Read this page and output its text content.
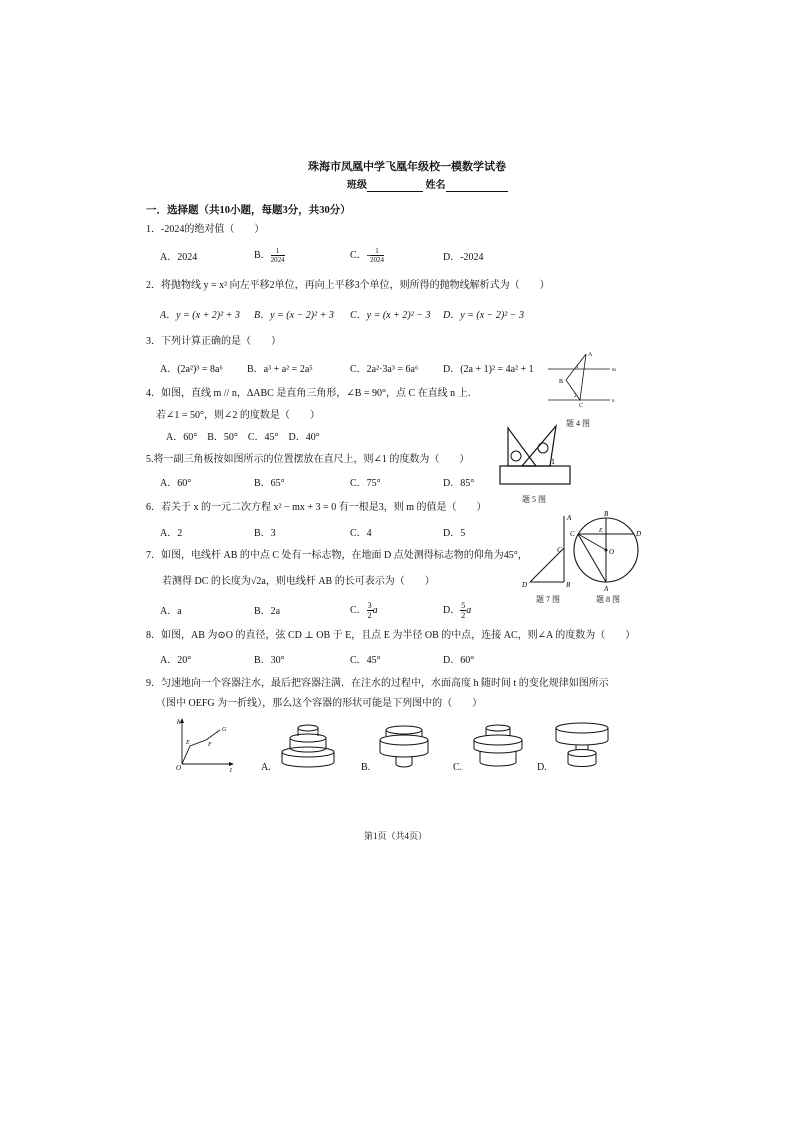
珠海市凤凰中学飞凰年级校一模数学试卷
班级	姓名
一．选择题（共10小题，每题3分，共30分）
1．-2024的绝对值（　　）
A．2024	B． $\frac{1}{2024}$	C．- $\frac{1}{2024}$	D．-2024
2．将抛物线 y = x² 向左平移2单位，再向上平移3个单位，则所得的抛物线解析式为（　　）
A．y = (x + 2)² + 3 B．y = (x − 2)² + 3 C．y = (x + 2)² − 3 D．y = (x − 2)² − 3
3．下列计算正确的是（　　）
A．(2a²)³ = 8a⁶ B．a³ + a² = 2a⁵	C．2a²·3a³ = 6a⁶ D．(2a + 1)² = 4a² + 1
A
B
C
m
n
1
2
题 4 图
4．如图，直线 m // n，ΔABC 是直角三角形，∠B = 90°，点 C 在直线 n 上．
若∠1 = 50°，则∠2 的度数是（　　）
A．60°　B．50°　C．45°　D．40°
1
题 5 图
5.将一副三角板按如图所示的位置摆放在直尺上，则∠1 的度数为（　　）
A．60°	B．65°	C．75°	D．85°
6．若关于 x 的一元二次方程 x² − mx + 3 = 0 有一根是3，则 m 的值是（　　）
A．2	B．3	C．4	D．5
A
B
C
D
题 7 图
B
A
C	D
E
O
题 8 图
7．如图，电线杆 AB 的中点 C 处有一标志物，在地面 D 点处测得标志物的仰角为45°，
若测得 DC 的长度为√2a，则电线杆 AB 的长可表示为（　　）
A．a	B．2a	C． $\frac{3}{2}$ a	D． $\frac{5}{2}$ a
8．如图，AB 为⊙O 的直径，弦 CD ⊥ OB 于 E，且点 E 为半径 OB 的中点，连接 AC，则∠A 的度数为（　　）
A．20°	B．30°	C．45°	D．60°
9．匀速地向一个容器注水，最后把容器注满．在注水的过程中，水面高度 h 随时间 t 的变化规律如图所示
（图中 OEFG 为一折线），那么这个容器的形状可能是下列图中的（　　）
h
t
O
E	F
G
A.	B.	C.	D.
第1页（共4页）
